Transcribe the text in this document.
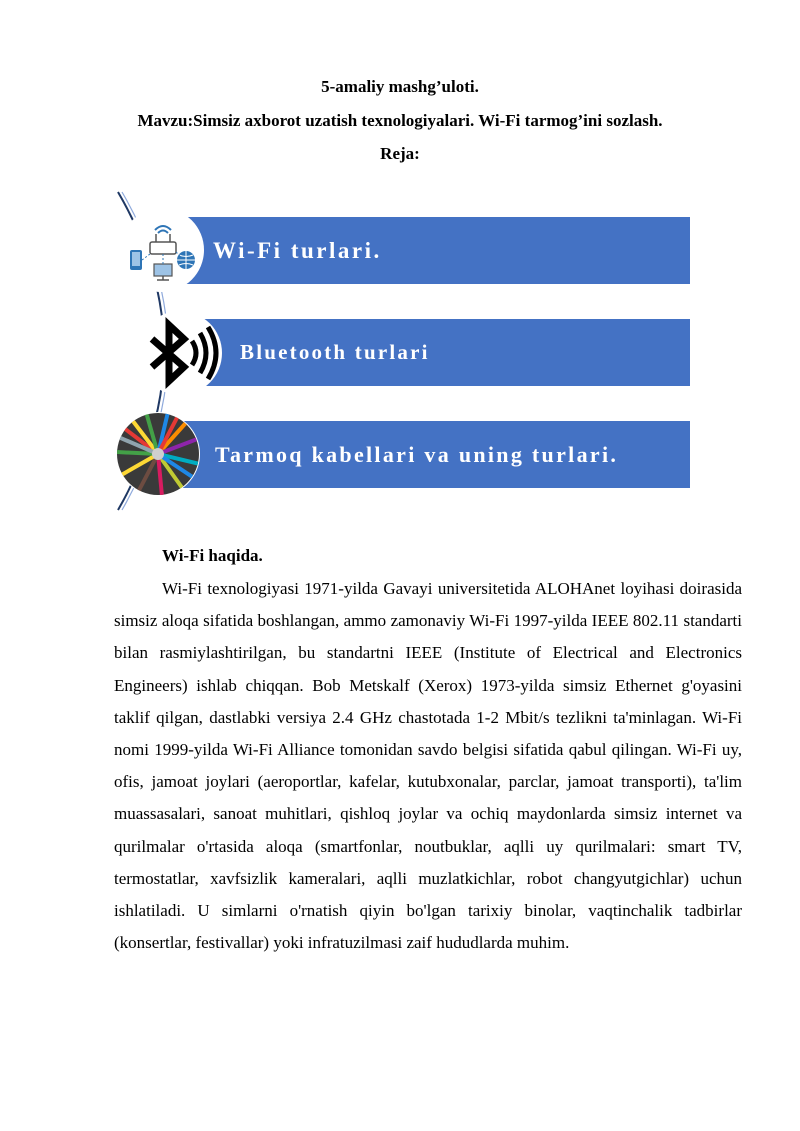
5-amaliy mashg’uloti.
Mavzu:Simsiz axborot uzatish texnologiyalari. Wi-Fi tarmog’ini sozlash.
Reja:
Wi-Fi turlari.
Bluetooth turlari
Tarmoq kabellari va uning turlari.
Wi-Fi haqida.

Wi-Fi texnologiyasi 1971-yilda Gavayi universitetida ALOHAnet loyihasi doirasida simsiz aloqa sifatida boshlangan, ammo zamonaviy Wi-Fi 1997-yilda IEEE 802.11 standarti bilan rasmiylashtirilgan, bu standartni IEEE (Institute of Electrical and Electronics Engineers) ishlab chiqqan. Bob Metskalf (Xerox) 1973-yilda simsiz Ethernet g'oyasini taklif qilgan, dastlabki versiya 2.4 GHz chastotada 1-2 Mbit/s tezlikni ta'minlagan. Wi-Fi nomi 1999-yilda Wi-Fi Alliance tomonidan savdo belgisi sifatida qabul qilingan. Wi-Fi uy, ofis, jamoat joylari (aeroportlar, kafelar, kutubxonalar, parclar, jamoat transporti), ta'lim muassasalari, sanoat muhitlari, qishloq joylar va ochiq maydonlarda simsiz internet va qurilmalar o'rtasida aloqa (smartfonlar, noutbuklar, aqlli uy qurilmalari: smart TV, termostatlar, xavfsizlik kameralari, aqlli muzlatkichlar, robot changyutgichlar) uchun ishlatiladi. U simlarni o'rnatish qiyin bo'lgan tarixiy binolar, vaqtinchalik tadbirlar (konsertlar, festivallar) yoki infratuzilmasi zaif hududlarda muhim.
